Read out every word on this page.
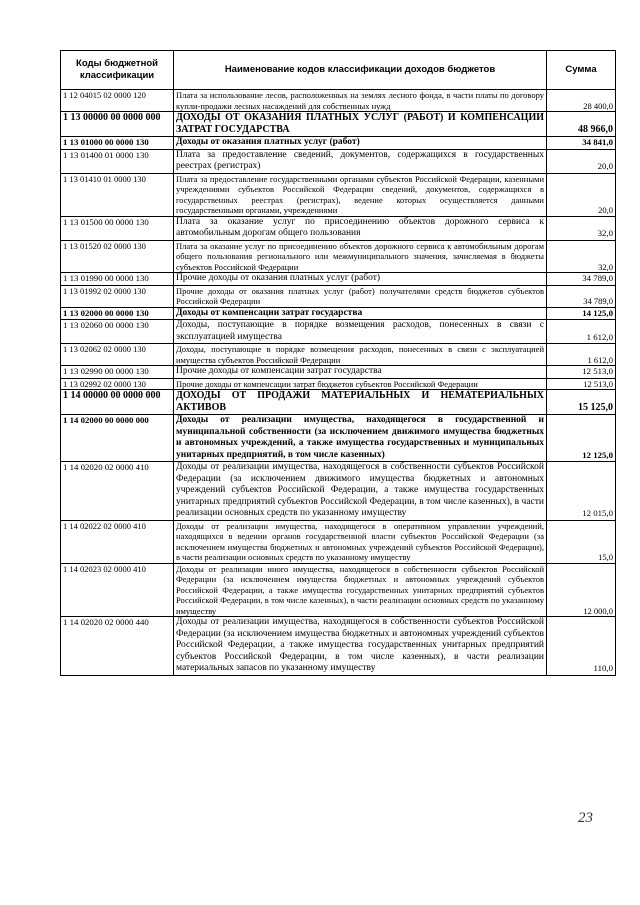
Коды бюджетной классификации	Наименование кодов классификации доходов бюджетов	Сумма
1 12 04015 02 0000 120	Плата за использование лесов, расположенных на землях лесного фонда, в части платы по договору купли-продажи лесных насаждений для собственных нужд	28 400,0
1 13 00000 00 0000 000	ДОХОДЫ ОТ ОКАЗАНИЯ ПЛАТНЫХ УСЛУГ (РАБОТ) И КОМПЕНСАЦИИ ЗАТРАТ ГОСУДАРСТВА	48 966,0
1 13 01000 00 0000 130	Доходы от оказания платных услуг (работ)	34 841,0
1 13 01400 01 0000 130	Плата за предоставление сведений, документов, содержащихся в государственных реестрах (регистрах)	20,0
1 13 01410 01 0000 130	Плата за предоставление государственными органами субъектов Российской Федерации, казенными учреждениями субъектов Российской Федерации сведений, документов, содержащихся в государственных реестрах (регистрах), ведение которых осуществляется данными государственными органами, учреждениями	20,0
1 13 01500 00 0000 130	Плата за оказание услуг по присоединению объектов дорожного сервиса к автомобильным дорогам общего пользования	32,0
1 13 01520 02 0000 130	Плата за оказание услуг по присоединению объектов дорожного сервиса к автомобильным дорогам общего пользования регионального или межмуниципального значения, зачисляемая в бюджеты субъектов Российской Федерации	32,0
1 13 01990 00 0000 130	Прочие доходы от оказания платных услуг (работ)	34 789,0
1 13 01992 02 0000 130	Прочие доходы от оказания платных услуг (работ) получателями средств бюджетов субъектов Российской Федерации	34 789,0
1 13 02000 00 0000 130	Доходы от компенсации затрат государства	14 125,0
1 13 02060 00 0000 130	Доходы, поступающие в порядке возмещения расходов, понесенных в связи с эксплуатацией имущества	1 612,0
1 13 02062 02 0000 130	Доходы, поступающие в порядке возмещения расходов, понесенных в связи с эксплуатацией имущества субъектов Российской Федерации	1 612,0
1 13 02990 00 0000 130	Прочие доходы от компенсации затрат государства	12 513,0
1 13 02992 02 0000 130	Прочие доходы от компенсации затрат бюджетов субъектов Российской Федерации	12 513,0
1 14 00000 00 0000 000	ДОХОДЫ ОТ ПРОДАЖИ МАТЕРИАЛЬНЫХ И НЕМАТЕРИАЛЬНЫХ АКТИВОВ	15 125,0
1 14 02000 00 0000 000	Доходы от реализации имущества, находящегося в государственной и муниципальной собственности (за исключением движимого имущества бюджетных и автономных учреждений, а также имущества государственных и муниципальных унитарных предприятий, в том числе казенных)	12 125,0
1 14 02020 02 0000 410	Доходы от реализации имущества, находящегося в собственности субъектов Российской Федерации (за исключением движимого имущества бюджетных и автономных учреждений субъектов Российской Федерации, а также имущества государственных унитарных предприятий субъектов Российской Федерации, в том числе казенных), в части реализации основных средств по указанному имуществу	12 015,0
1 14 02022 02 0000 410	Доходы от реализации имущества, находящегося в оперативном управлении учреждений, находящихся в ведении органов государственной власти субъектов Российской Федерации (за исключением имущества бюджетных и автономных учреждений субъектов Российской Федерации), в части реализации основных средств по указанному имуществу	15,0
1 14 02023 02 0000 410	Доходы от реализации иного имущества, находящегося в собственности субъектов Российской Федерации (за исключением имущества бюджетных и автономных учреждений субъектов Российской Федерации, а также имущества государственных унитарных предприятий субъектов Российской Федерации, в том числе казенных), в части реализации основных средств по указанному имуществу	12 000,0
1 14 02020 02 0000 440	Доходы от реализации имущества, находящегося в собственности субъектов Российской Федерации (за исключением имущества бюджетных и автономных учреждений субъектов Российской Федерации, а также имущества государственных унитарных предприятий субъектов Российской Федерации, в том числе казенных), в части реализации материальных запасов по указанному имуществу	110,0
23
